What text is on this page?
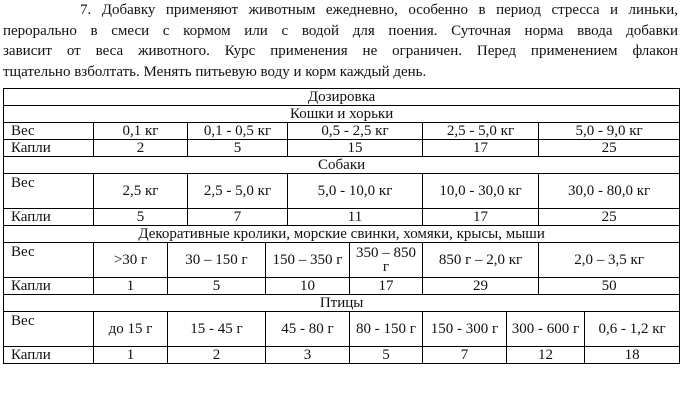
7. Добавку применяют животным ежедневно, особенно в период стресса и линьки,
перорально в смеси с кормом или с водой для поения. Суточная норма ввода добавки
зависит от веса животного. Курс применения не ограничен. Перед применением флакон
тщательно взболтать. Менять питьевую воду и корм каждый день.
Дозировка										
Кошки и хорьки										
Вес	0,1 кг		0,1 - 0,5 кг		0,5 - 2,5 кг		2,5 - 5,0 кг		5,0 - 9,0 кг	
Капли	2		5		15		17		25	
Собаки										
Вес	2,5 кг		2,5 - 5,0 кг		5,0 - 10,0 кг		10,0 - 30,0 кг		30,0 - 80,0 кг	
Капли	5		7		11		17		25	
Декоративные кролики, морские свинки, хомяки, крысы, мыши										
Вес	>30 г	30 – 150 г		150 – 350 г		350 – 850 г	850 г – 2,0 кг		2,0 – 3,5 кг	
Капли	1	5		10		17	29		50	
Птицы										
Вес	до 15 г	15 - 45 г		45 - 80 г		80 - 150 г	150 - 300 г	300 - 600 г		0,6 - 1,2 кг
Капли	1	2		3		5	7	12		18
